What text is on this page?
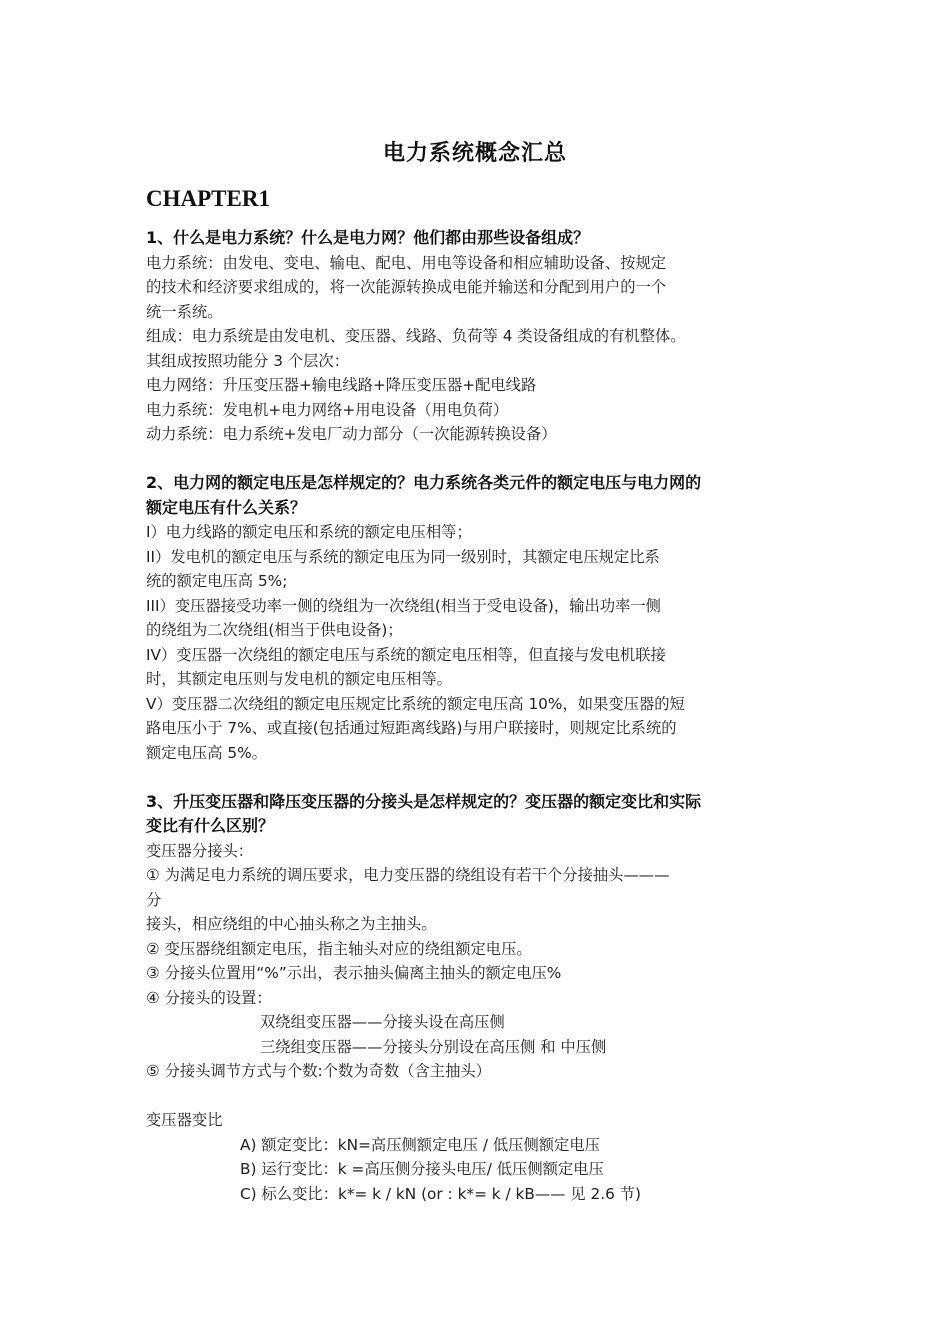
电力系统概念汇总
CHAPTER1

1、什么是电力系统？什么是电力网？他们都由那些设备组成？

电力系统：由发电、变电、输电、配电、用电等设备和相应辅助设备、按规定

的技术和经济要求组成的，将一次能源转换成电能并输送和分配到用户的一个

统一系统。

组成：电力系统是由发电机、变压器、线路、负荷等 4 类设备组成的有机整体。

其组成按照功能分 3 个层次：

电力网络：升压变压器+输电线路+降压变压器+配电线路

电力系统：发电机+电力网络+用电设备（用电负荷）

动力系统：电力系统+发电厂动力部分（一次能源转换设备）

2、电力网的额定电压是怎样规定的？电力系统各类元件的额定电压与电力网的

额定电压有什么关系？

I）电力线路的额定电压和系统的额定电压相等；

II）发电机的额定电压与系统的额定电压为同一级别时，其额定电压规定比系

统的额定电压高 5%;

III）变压器接受功率一侧的绕组为一次绕组(相当于受电设备)，输出功率一侧

的绕组为二次绕组(相当于供电设备)；

IV）变压器一次绕组的额定电压与系统的额定电压相等，但直接与发电机联接

时，其额定电压则与发电机的额定电压相等。

V）变压器二次绕组的额定电压规定比系统的额定电压高 10%，如果变压器的短

路电压小于 7%、或直接(包括通过短距离线路)与用户联接时，则规定比系统的

额定电压高 5%。

3、升压变压器和降压变压器的分接头是怎样规定的？变压器的额定变比和实际

变比有什么区别？

变压器分接头：

① 为满足电力系统的调压要求，电力变压器的绕组设有若干个分接抽头———

分

接头，相应绕组的中心抽头称之为主抽头。

② 变压器绕组额定电压，指主轴头对应的绕组额定电压。

③ 分接头位置用“%”示出，表示抽头偏离主抽头的额定电压%

④ 分接头的设置：

双绕组变压器——分接头设在高压侧

三绕组变压器——分接头分别设在高压侧 和 中压侧

⑤ 分接头调节方式与个数:个数为奇数（含主抽头）

变压器变比

A) 额定变比：kN=高压侧额定电压 / 低压侧额定电压

B) 运行变比：k =高压侧分接头电压/ 低压侧额定电压

C) 标么变比：k*= k / kN (or : k*= k / kB—— 见 2.6 节)
